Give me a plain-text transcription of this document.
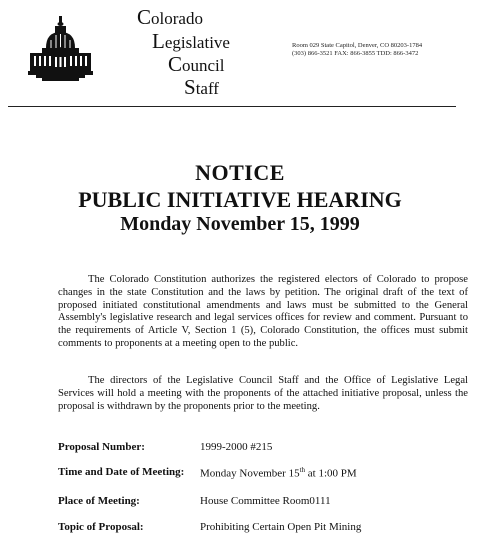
Colorado
Legislative
Council
Staff
Room 029 State Capitol, Denver, CO 80203-1784
(303) 866-3521 FAX: 866-3855 TDD: 866-3472
NOTICE
PUBLIC INITIATIVE HEARING
Monday November 15, 1999
The Colorado Constitution authorizes the registered electors of Colorado to propose changes in the state Constitution and the laws by petition. The original draft of the text of proposed initiated constitutional amendments and laws must be submitted to the General Assembly's legislative research and legal services offices for review and comment. Pursuant to the requirements of Article V, Section 1 (5), Colorado Constitution, the offices must submit comments to proponents at a meeting open to the public.
The directors of the Legislative Council Staff and the Office of Legislative Legal Services will hold a meeting with the proponents of the attached initiative proposal, unless the proposal is withdrawn by the proponents prior to the meeting.
Proposal Number:	1999-2000 #215
Time and Date of Meeting: Monday November 15th at 1:00 PM
Place of Meeting:	House Committee Room0111
Topic of Proposal:	Prohibiting Certain Open Pit Mining
